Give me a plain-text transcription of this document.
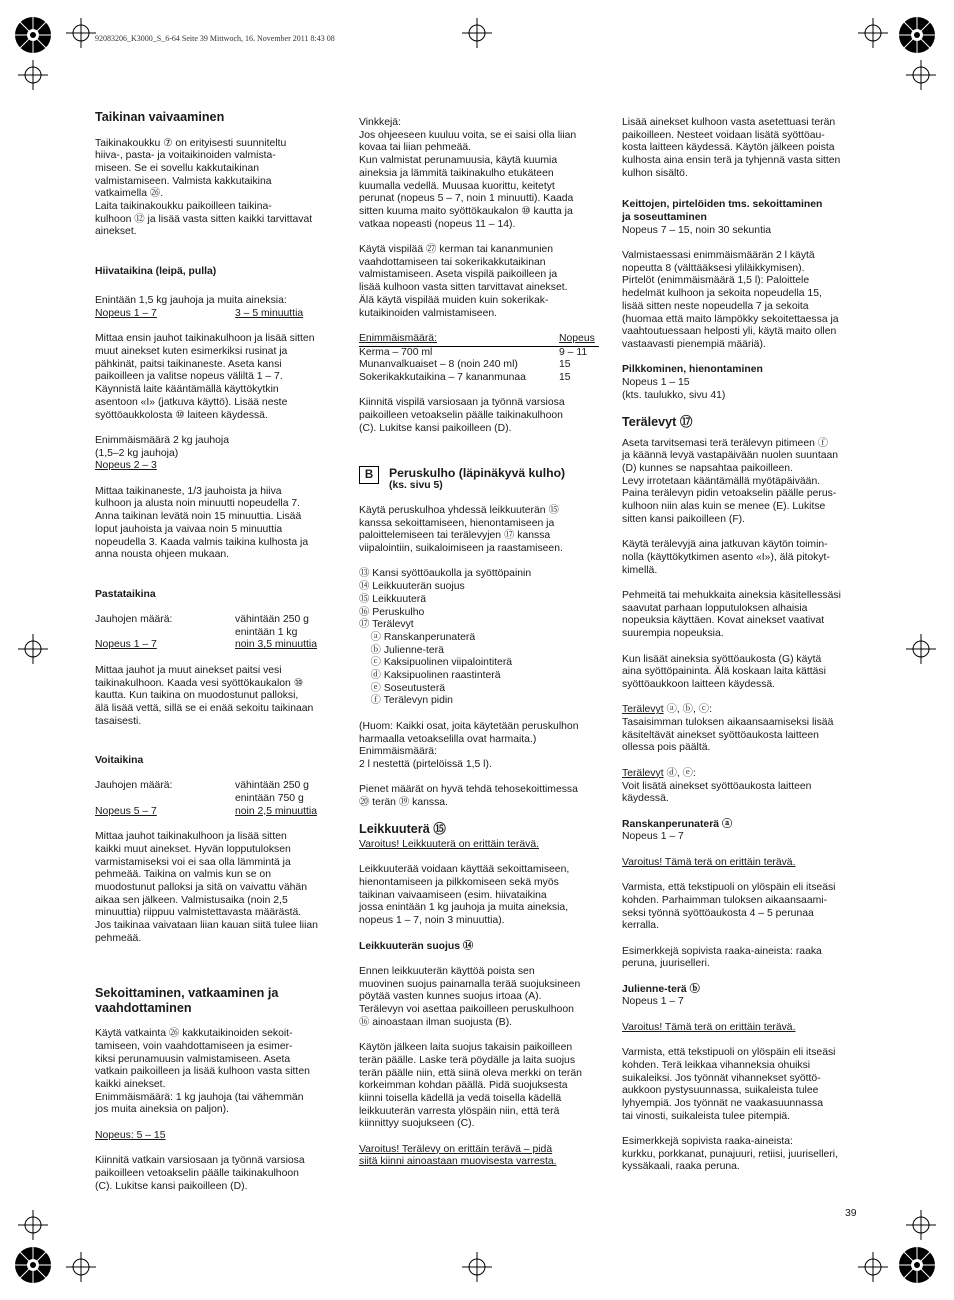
92083206_K3000_S_6-64 Seite 39 Mittwoch, 16. November 2011 8:43 08
Taikinan vaivaaminen

Taikinakoukku ⑦ on erityisesti suunniteltu
hiiva-, pasta- ja voitaikinoiden valmista-
miseen. Se ei sovellu kakkutaikinan
valmistamiseen. Valmista kakkutaikina
vatkaimella ㉖.
Laita taikinakoukku paikoilleen taikina-
kulhoon ⑫ ja lisää vasta sitten kaikki tarvittavat
ainekset.

Hiivataikina (leipä, pulla)
Enintään 1,5 kg jauhoja ja muita aineksia:
Nopeus 1 – 7	3 – 5 minuuttia

Mittaa ensin jauhot taikinakulhoon ja lisää sitten
muut ainekset kuten esimerkiksi rusinat ja
pähkinät, paitsi taikinaneste. Aseta kansi
paikoilleen ja valitse nopeus väliltä 1 – 7.
Käynnistä laite kääntämällä käyttökytkin
asentoon «I» (jatkuva käyttö). Lisää neste
syöttöaukkolosta ⑩ laiteen käydessä.

Enimmäismäärä 2 kg jauhoja
(1,5–2 kg jauhoja)
Nopeus 2 – 3

Mittaa taikinaneste, 1/3 jauhoista ja hiiva
kulhoon ja alusta noin minuutti nopeudella 7.
Anna taikinan levätä noin 15 minuuttia. Lisää
loput jauhoista ja vaivaa noin 5 minuuttia
nopeudella 3. Kaada valmis taikina kulhosta ja
anna nousta ohjeen mukaan.

Pastataikina
Jauhojen määrä:	vähintään 250 g
enintään 1 kg
Nopeus 1 – 7	noin 3,5 minuuttia

Mittaa jauhot ja muut ainekset paitsi vesi
taikinakulhoon. Kaada vesi syöttökaukalon ⑩
kautta. Kun taikina on muodostunut palloksi,
älä lisää vettä, sillä se ei enää sekoitu taikinaan
tasaisesti.

Voitaikina
Jauhojen määrä:	vähintään 250 g
enintään 750 g
Nopeus 5 – 7	noin 2,5 minuuttia

Mittaa jauhot taikinakulhoon ja lisää sitten
kaikki muut ainekset. Hyvän lopputuloksen
varmistamiseksi voi ei saa olla lämmintä ja
pehmeää. Taikina on valmis kun se on
muodostunut palloksi ja sitä on vaivattu vähän
aikaa sen jälkeen. Valmistusaika (noin 2,5
minuuttia) riippuu valmistettavasta määrästä.
Jos taikinaa vaivataan liian kauan siitä tulee liian
pehmeää.

Sekoittaminen, vatkaaminen ja
vaahdottaminen

Käytä vatkainta ㉖ kakkutaikinoiden sekoit-
tamiseen, voin vaahdottamiseen ja esimer-
kiksi perunamuusin valmistamiseen. Aseta
vatkain paikoilleen ja lisää kulhoon vasta sitten
kaikki ainekset.
Enimmäismäärä: 1 kg jauhoja (tai vähemmän
jos muita aineksia on paljon).

Nopeus: 5 – 15

Kiinnitä vatkain varsiosaan ja työnnä varsiosa
paikoilleen vetoakselin päälle taikinakulhoon
(C). Lukitse kansi paikoilleen (D).

Vinkkejä:
Jos ohjeeseen kuuluu voita, se ei saisi olla liian
kovaa tai liian pehmeää.
Kun valmistat perunamuusia, käytä kuumia
aineksia ja lämmitä taikinakulho etukäteen
kuumalla vedellä. Muusaa kuorittu, keitetyt
perunat (nopeus 5 – 7, noin 1 minuutti). Kaada
sitten kuuma maito syöttökaukalon ⑩ kautta ja
vatkaa nopeasti (nopeus 11 – 14).

Käytä vispilää ㉗ kerman tai kananmunien
vaahdottamiseen tai sokerikakkutaikinan
valmistamiseen. Aseta vispilä paikoilleen ja
lisää kulhoon vasta sitten tarvittavat ainekset.
Älä käytä vispilää muiden kuin sokerikak-
kutaikinoiden valmistamiseen.

Enimmäismäärä:	Nopeus
Kerma – 700 ml	9 – 11
Munanvalkuaiset – 8 (noin 240 ml)	15
Sokerikakkutaikina – 7 kananmunaa	15

Kiinnitä vispilä varsiosaan ja työnnä varsiosa
paikoilleen vetoakselin päälle taikinakulhoon
(C). Lukitse kansi paikoilleen (D).

B	Peruskulho (läpinäkyvä kulho)
(ks. sivu 5)

Käytä peruskulhoa yhdessä leikkuuterän ⑮
kanssa sekoittamiseen, hienontamiseen ja
paloittelemiseen tai terälevyjen ⑰ kanssa
viipalointiin, suikaloimiseen ja raastamiseen.

⑬ Kansi syöttöaukolla ja syöttöpainin
⑭ Leikkuuterän suojus
⑮ Leikkuuterä
⑯ Peruskulho
⑰ Terälevyt
ⓐ Ranskanperunaterä
ⓑ Julienne-terä
ⓒ Kaksipuolinen viipalointiterä
ⓓ Kaksipuolinen raastinterä
ⓔ Soseutusterä
ⓕ Terälevyn pidin

(Huom: Kaikki osat, joita käytetään peruskulhon
harmaalla vetoakselilla ovat harmaita.)
Enimmäismäärä:
2 l nestettä (pirtelöissä 1,5 l).

Pienet määrät on hyvä tehdä tehosekoittimessa
⑳ terän ⑲ kanssa.

Leikkuuterä ⑮

Varoitus! Leikkuuterä on erittäin terävä.

Leikkuuterää voidaan käyttää sekoittamiseen,
hienontamiseen ja pilkkomiseen sekä myös
taikinan vaivaamiseen (esim. hiivataikina
jossa enintään 1 kg jauhoja ja muita aineksia,
nopeus 1 – 7, noin 3 minuuttia).

Leikkuuterän suojus ⑭

Ennen leikkuuterän käyttöä poista sen
muovinen suojus painamalla terää suojuksineen
pöytää vasten kunnes suojus irtoaa (A).
Terälevyn voi asettaa paikoilleen peruskulhoon
⑯ ainoastaan ilman suojusta (B).

Käytön jälkeen laita suojus takaisin paikoilleen
terän päälle. Laske terä pöydälle ja laita suojus
terän päälle niin, että siinä oleva merkki on terän
korkeimman kohdan päällä. Pidä suojuksesta
kiinni toisella kädellä ja vedä toisella kädellä
leikkuuterän varresta ylöspäin niin, että terä
kiinnittyy suojukseen (C).

Varoitus! Terälevy on erittäin terävä – pidä
siitä kiinni ainoastaan muovisesta varresta.

Lisää ainekset kulhoon vasta asetettuasi terän
paikoilleen. Nesteet voidaan lisätä syöttöau-
kosta laitteen käydessä. Käytön jälkeen poista
kulhosta aina ensin terä ja tyhjennä vasta sitten
kulhon sisältö.

Keittojen, pirtelöiden tms. sekoittaminen
ja soseuttaminen

Nopeus 7 – 15, noin 30 sekuntia

Valmistaessasi enimmäismäärän 2 l käytä
nopeutta 8 (välttääksesi yliläikkymisen).
Pirtelöt (enimmäismäärä 1,5 l): Paloittele
hedelmät kulhoon ja sekoita nopeudella 15,
lisää sitten neste nopeudella 7 ja sekoita
(huomaa että maito lämpökky sekoitettaessa ja
vaahtoutuessaan helposti yli, käytä maito ollen
vastaavasti pienempiä määriä).

Pilkkominen, hienontaminen

Nopeus 1 – 15
(kts. taulukko, sivu 41)

Terälevyt ⑰

Aseta tarvitsemasi terä terälevyn pitimeen ⓕ
ja käännä levyä vastapäivään nuolen suuntaan
(D) kunnes se napsahtaa paikoilleen.
Levy irrotetaan kääntämällä myötäpäivään.
Paina terälevyn pidin vetoakselin päälle perus-
kulhoon niin alas kuin se menee (E). Lukitse
sitten kansi paikoilleen (F).

Käytä terälevyjä aina jatkuvan käytön toimin-
nolla (käyttökytkimen asento «I»), älä pitokyt-
kimellä.

Pehmeitä tai mehukkaita aineksia käsitellessäsi
saavutat parhaan lopputuloksen alhaisia
nopeuksia käyttäen. Kovat ainekset vaativat
suurempia nopeuksia.

Kun lisäät aineksia syöttöaukosta (G) käytä
aina syöttöpaininta. Älä koskaan laita kättäsi
syöttöaukkoon laitteen käydessä.

Terälevyt ⓐ, ⓑ, ⓒ:

Tasaisimman tuloksen aikaansaamiseksi lisää
käsiteltävät ainekset syöttöaukosta laitteen
ollessa pois päältä.

Terälevyt ⓓ, ⓔ:

Voit lisätä ainekset syöttöaukosta laitteen
käydessä.

Ranskanperunaterä ⓐ

Nopeus 1 – 7

Varoitus! Tämä terä on erittäin terävä.

Varmista, että tekstipuoli on ylöspäin eli itseäsi
kohden. Parhaimman tuloksen aikaansaami-
seksi työnnä syöttöaukosta 4 – 5 perunaa
kerralla.

Esimerkkejä sopivista raaka-aineista: raaka
peruna, juuriselleri.

Julienne-terä ⓑ

Nopeus 1 – 7

Varoitus! Tämä terä on erittäin terävä.

Varmista, että tekstipuoli on ylöspäin eli itseäsi
kohden. Terä leikkaa vihanneksia ohuiksi
suikaleiksi. Jos työnnät vihannekset syöttö-
aukkoon pystysuunnassa, suikaleista tulee
lyhyempiä. Jos työnnät ne vaakasuunnassa
tai vinosti, suikaleista tulee pitempiä.

Esimerkkejä sopivista raaka-aineista:
kurkku, porkkanat, punajuuri, retiisi, juuriselleri,
kyssäkaali, raaka peruna.

39
